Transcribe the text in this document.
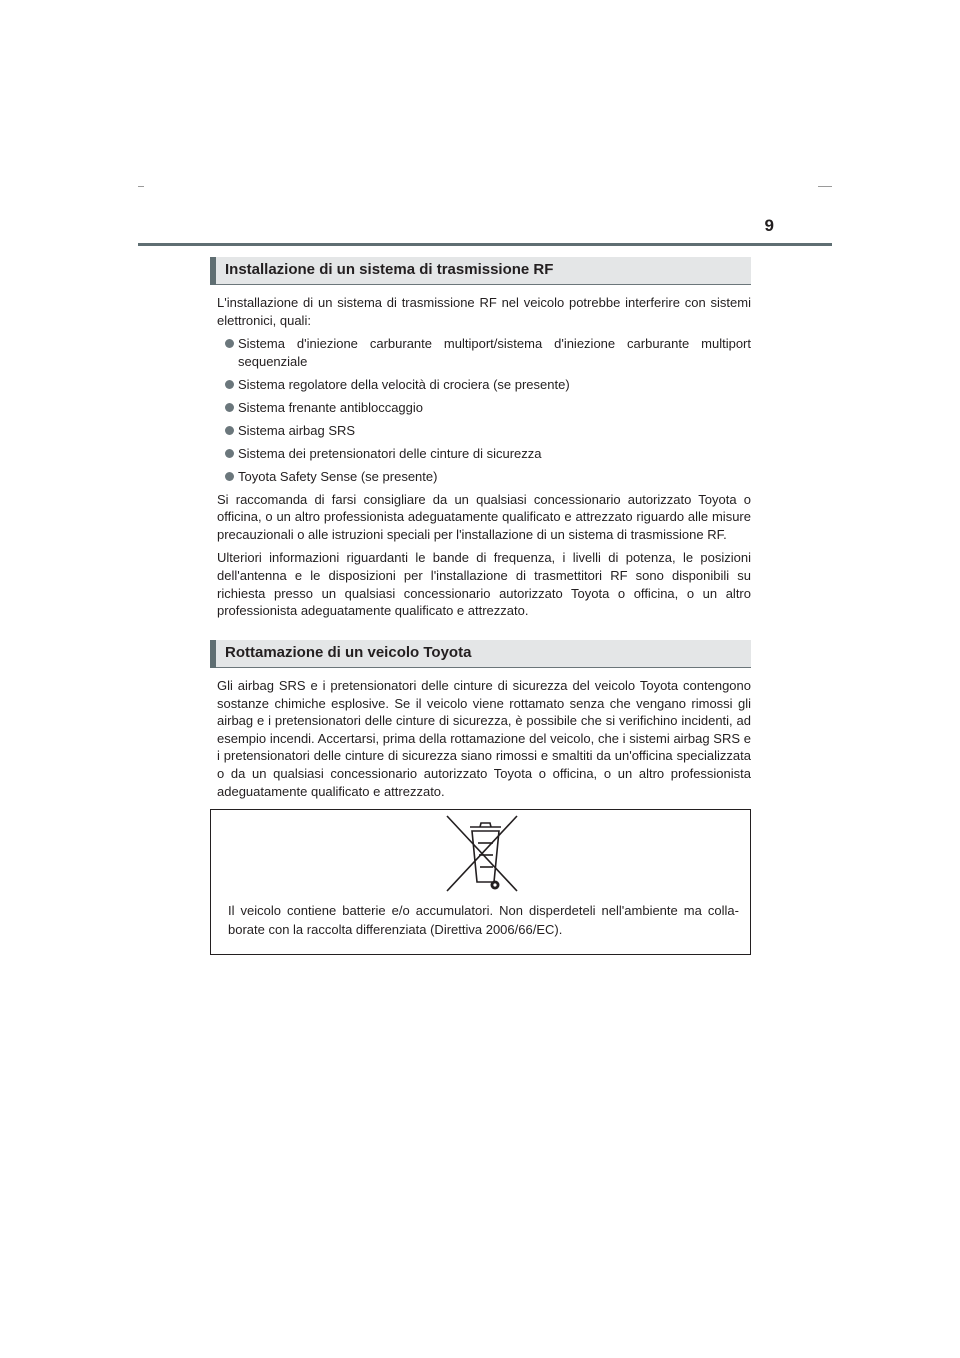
9
Installazione di un sistema di trasmissione RF

L'installazione di un sistema di trasmissione RF nel veicolo potrebbe interferire con sistemi elettronici, quali:

Sistema d'iniezione carburante multiport/sistema d'iniezione carburante multiport sequenziale
Sistema regolatore della velocità di crociera (se presente)
Sistema frenante antibloccaggio
Sistema airbag SRS
Sistema dei pretensionatori delle cinture di sicurezza
Toyota Safety Sense (se presente)

Si raccomanda di farsi consigliare da un qualsiasi concessionario autorizzato Toyota o officina, o un altro professionista adeguatamente qualificato e attrezzato riguardo alle misure precauzionali o alle istruzioni speciali per l'installazione di un sistema di trasmissione RF.

Ulteriori informazioni riguardanti le bande di frequenza, i livelli di potenza, le posizioni dell'antenna e le disposizioni per l'installazione di trasmettitori RF sono disponibili su richiesta presso un qualsiasi concessionario autorizzato Toyota o officina, o un altro professionista adeguatamente qualificato e attrezzato.

Rottamazione di un veicolo Toyota

Gli airbag SRS e i pretensionatori delle cinture di sicurezza del veicolo Toyota contengono sostanze chimiche esplosive. Se il veicolo viene rottamato senza che vengano rimossi gli airbag e i pretensionatori delle cinture di sicurezza, è possibile che si verifichino incidenti, ad esempio incendi. Accertarsi, prima della rottamazione del veicolo, che i sistemi airbag SRS e i pretensionatori delle cinture di sicurezza siano rimossi e smaltiti da un'officina specializzata o da un qualsiasi concessionario autorizzato Toyota o officina, o un altro professionista adeguatamente qualificato e attrezzato.

Il veicolo contiene batterie e/o accumulatori. Non disperdeteli nell'ambiente ma collaborate con la raccolta differenziata (Direttiva 2006/66/EC).
